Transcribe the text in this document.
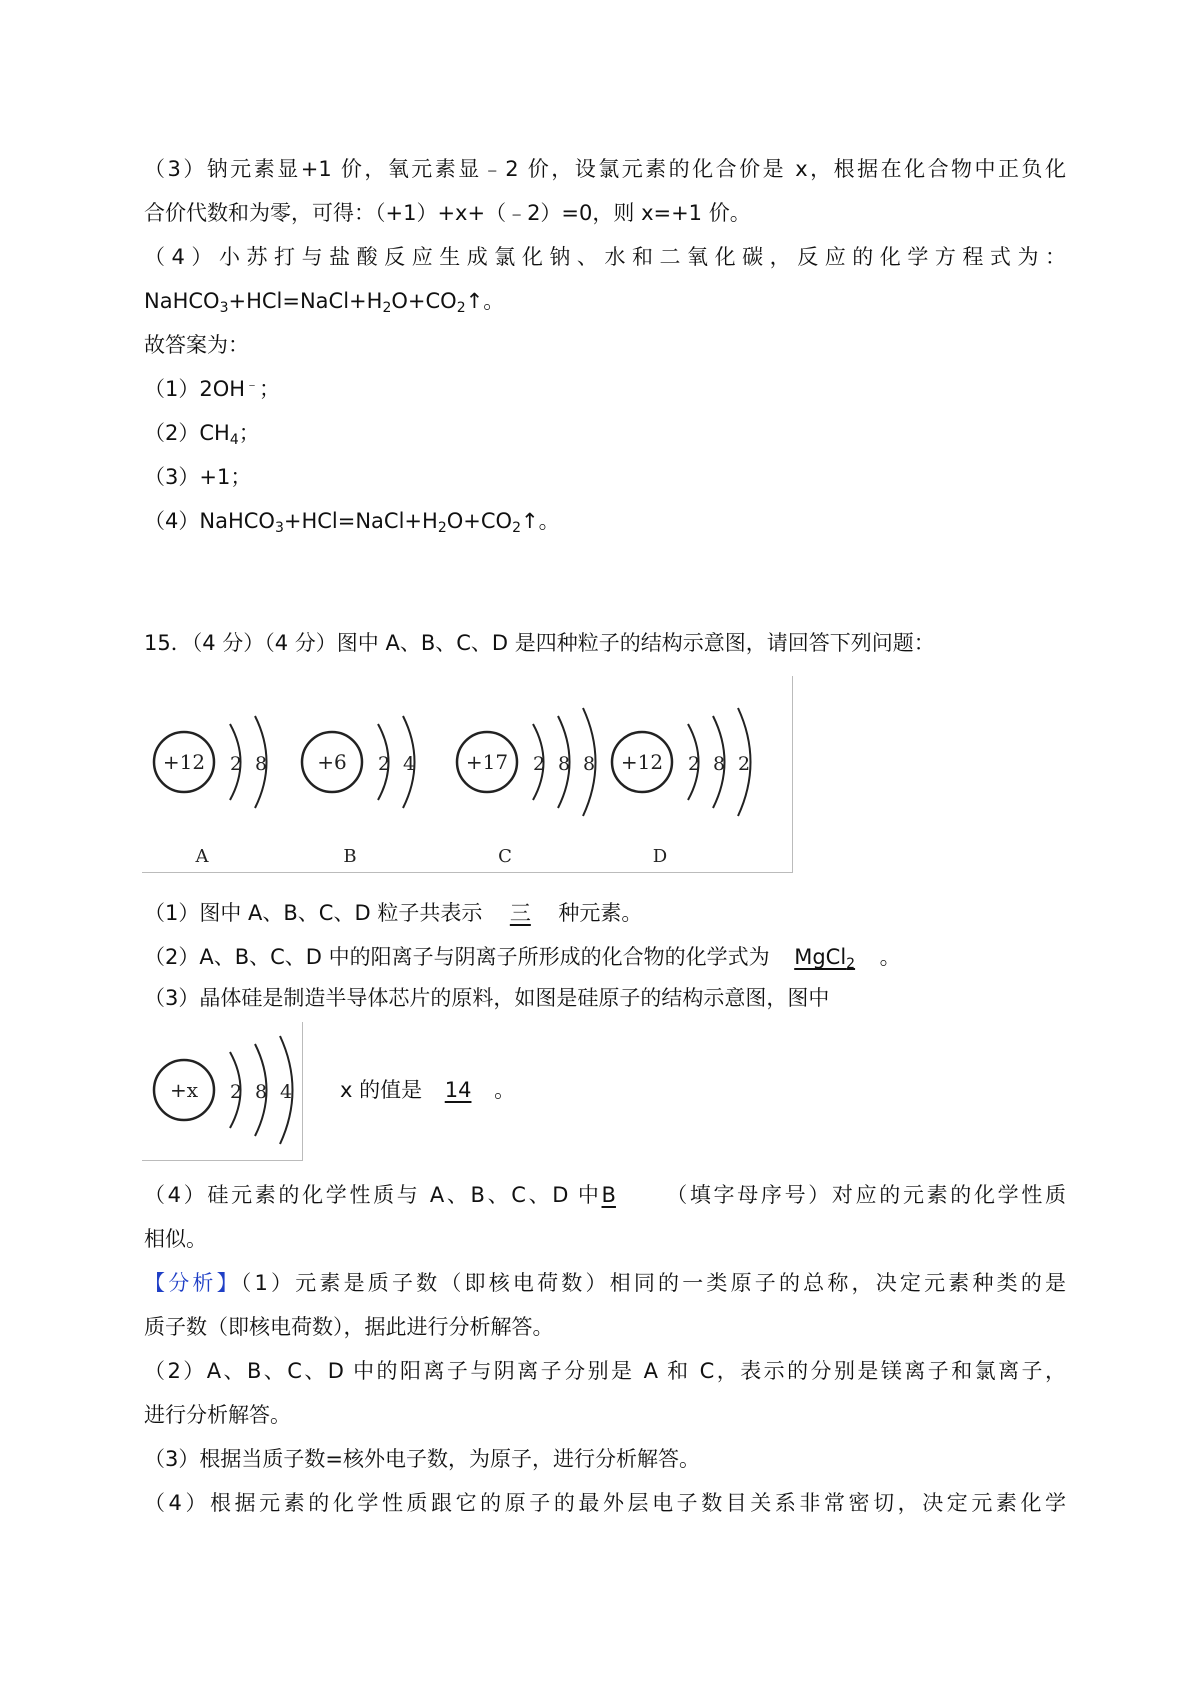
（3）钠元素显+1 价，氧元素显﹣2 价，设氯元素的化合价是 x，根据在化合物中正负化
合价代数和为零，可得：（+1）+x+（﹣2）=0，则 x=+1 价。
（4）小苏打与盐酸反应生成氯化钠、水和二氧化碳，反应的化学方程式为：
$NaHCO_3+HCl=NaCl+H_2O+CO_2↑$。
故答案为：
（1）2OH﹣；
$(2)CH_4$；
（3）+1；
$(4)NaHCO_3+HCl=NaCl+H_2O+CO_2↑$。
15．（4 分）（4 分）图中 A、B、C、D 是四种粒子的结构示意图，请回答下列问题：
+12 2 8
A
+6 2 4
B
+17 2 8 8
C
+12 2 8 2
D
（1）图中 A、B、C、D 粒子共表示 三 种元素。
（2）A、B、C、D 中的阳离子与阴离子所形成的化合物的化学式为 MgCl$_2$ 。
（3）晶体硅是制造半导体芯片的原料，如图是硅原子的结构示意图，图中
+x 2 8 4 x 的值是 14 。
（4）硅元素的化学性质与 A、B、C、D 中B （填字母序号）对应的元素的化学性质
相似。
【分析】（1）元素是质子数（即核电荷数）相同的一类原子的总称，决定元素种类的是
质子数（即核电荷数），据此进行分析解答。
（2）A、B、C、D 中的阳离子与阴离子分别是 A 和 C，表示的分别是镁离子和氯离子，
进行分析解答。
（3）根据当质子数=核外电子数，为原子，进行分析解答。
（4）根据元素的化学性质跟它的原子的最外层电子数目关系非常密切，决定元素化学
